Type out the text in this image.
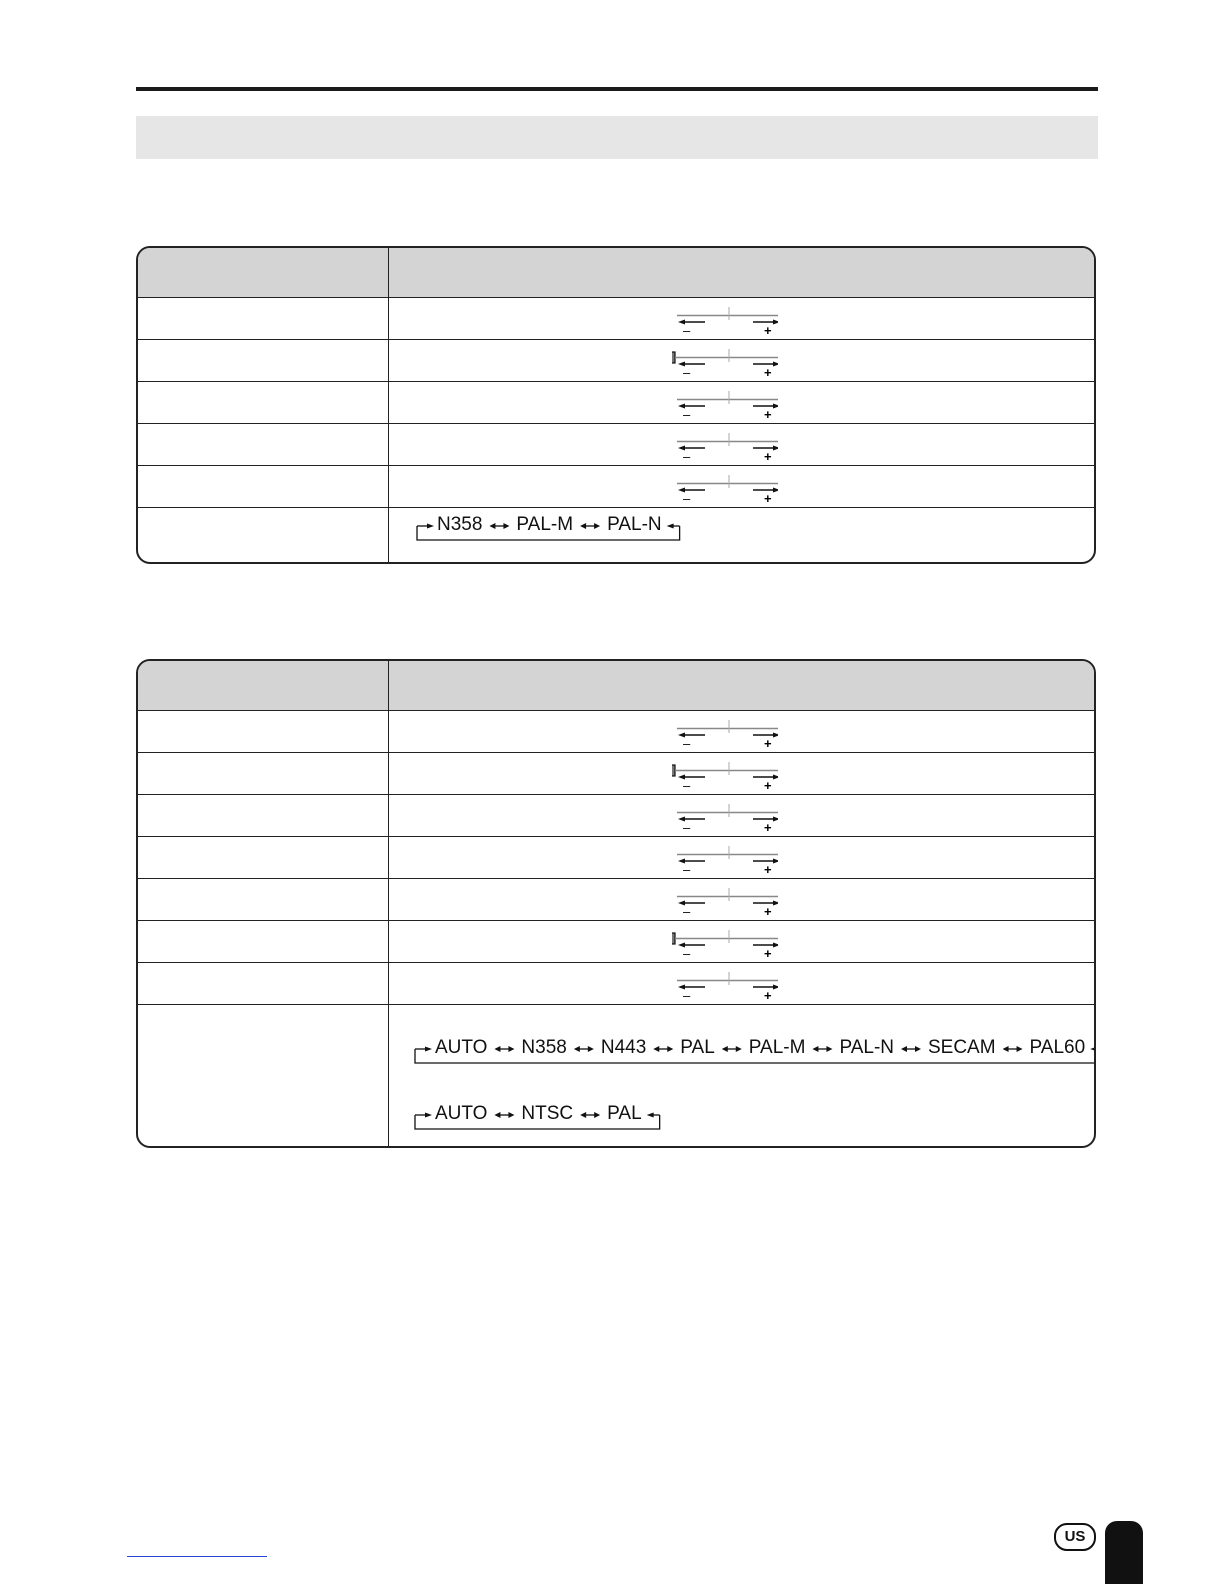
–	+
–	+
–	+
–	+
–	+
N358 PAL-M PAL-N
–	+
–	+
–	+
–	+
–	+
–	+
–	+
AUTO N358 N443 PAL PAL-M PAL-N SECAM PAL60
AUTO NTSC PAL
US
